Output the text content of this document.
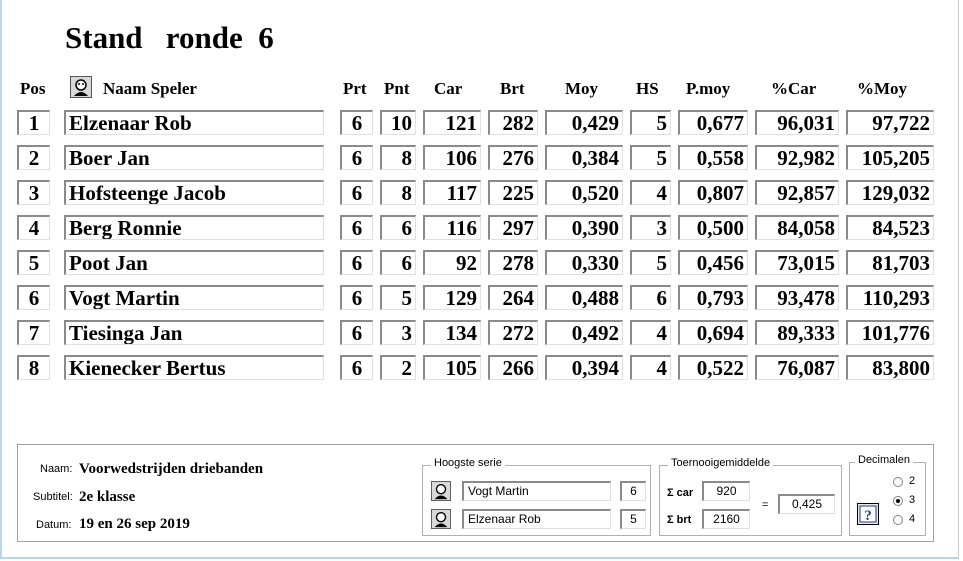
Stand   ronde  6
Pos	Naam Speler	Prt Pnt Car Brt Moy HS P.moy %Car %Moy
1	Elzenaar Rob	6	10	121	282	0,429	5	0,677	96,031	97,722
2	Boer Jan	6	8	106	276	0,384	5	0,558	92,982	105,205
3	Hofsteenge Jacob	6	8	117	225	0,520	4	0,807	92,857	129,032
4	Berg Ronnie	6	6	116	297	0,390	3	0,500	84,058	84,523
5	Poot Jan	6	6	92	278	0,330	5	0,456	73,015	81,703
6	Vogt Martin	6	5	129	264	0,488	6	0,793	93,478	110,293
7	Tiesinga Jan	6	3	134	272	0,492	4	0,694	89,333	101,776
8	Kienecker Bertus	6	2	105	266	0,394	4	0,522	76,087	83,800
Naam: Voorwedstrijden driebanden
Subtitel: 2e klasse
Datum: 19 en 26 sep 2019
Hoogste serie
Vogt Martin	6
Elzenaar Rob	5
Toernooigemiddelde
Σ car	920
Σ brt	2160
=	0,425
Decimalen
2
3
4
?
